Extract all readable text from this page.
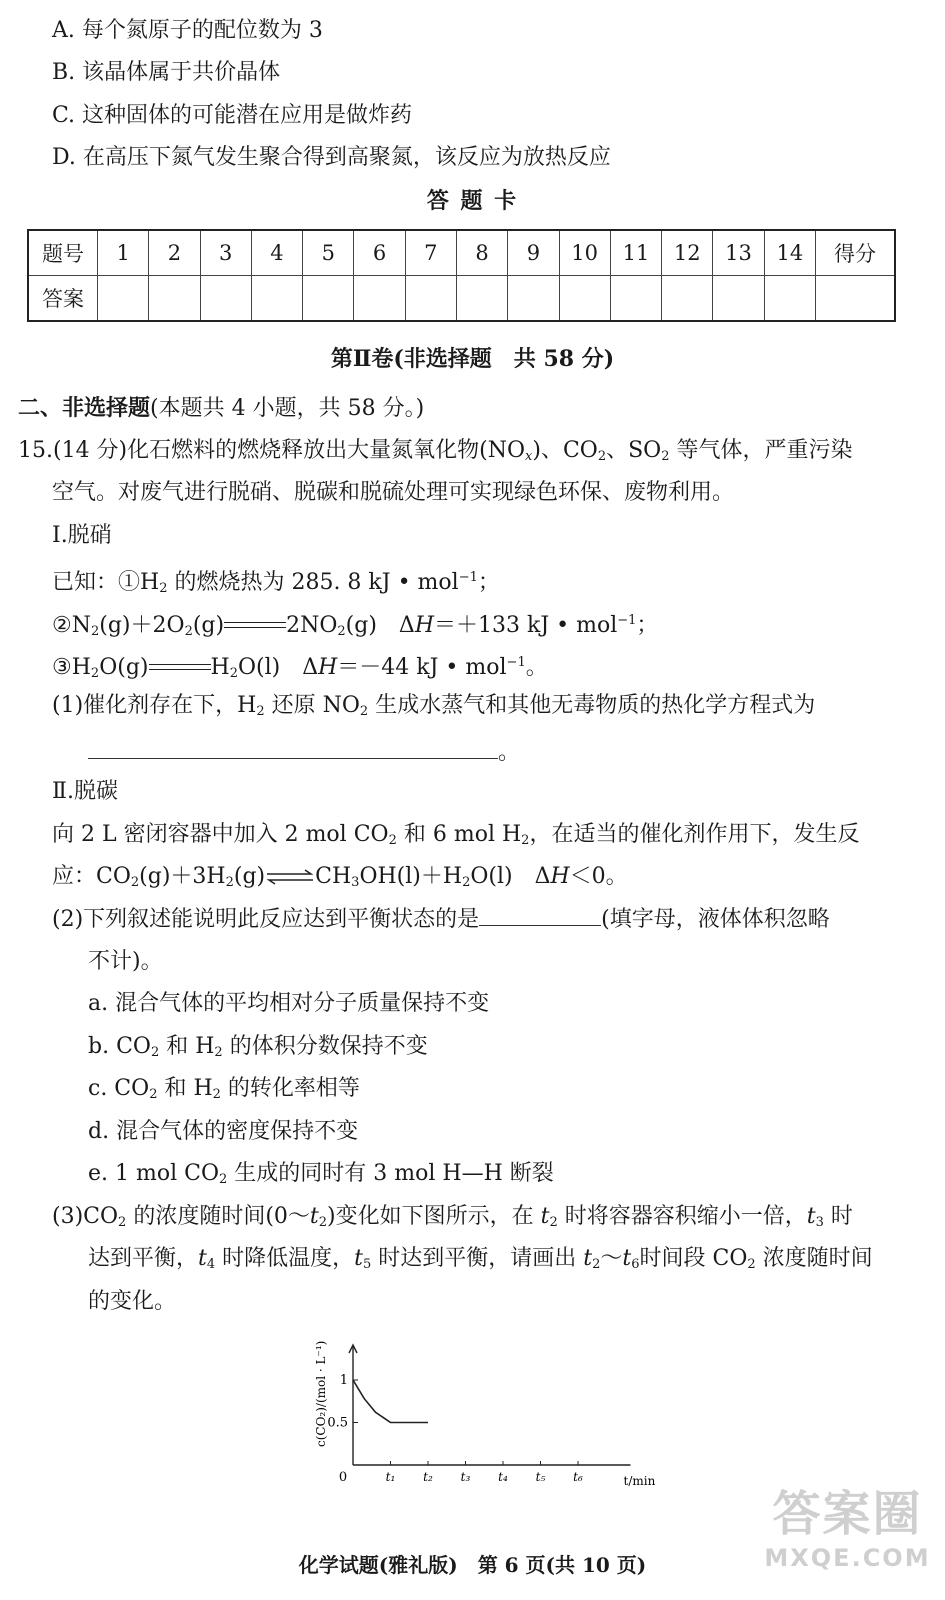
A. 每个氮原子的配位数为 3
B. 该晶体属于共价晶体
C. 这种固体的可能潜在应用是做炸药
D. 在高压下氮气发生聚合得到高聚氮，该反应为放热反应
答 题 卡
题号	1	2	3	4	5	6	7	8	9	10	11	12	13	14	得分
答案															
第Ⅱ卷(非选择题　共 58 分)
二、非选择题(本题共 4 小题，共 58 分。)
15.(14 分)化石燃料的燃烧释放出大量氮氧化物$(NO_x)$、$CO_2$、$SO_2$ 等气体，严重污染
空气。对废气进行脱硝、脱碳和脱硫处理可实现绿色环保、废物利用。
Ⅰ.脱硝
已知：$①H_2$ 的燃烧热为 285. 8 kJ • mol$^{-1}$；
$②N_2(g)+2O_2(g)$	$2NO_2(g)$　ΔH＝＋133 kJ • mol$^{-1}$；
$③H_2O(g)$	$H_2O(l)$　ΔH＝－44 kJ • mol$^{-1}$。
(1)催化剂存在下，$H_2$ 还原 $NO_2$ 生成水蒸气和其他无毒物质的热化学方程式为
。
Ⅱ.脱碳
向 2 L 密闭容器中加入 2 mol $CO_2$ 和 6 mol $H_2$，在适当的催化剂作用下，发生反
应：$CO_2(g)+3H_2(g)\rightleftharpoons CH_3OH(l)+H_2O(l)$　ΔH＜0。
(2)下列叙述能说明此反应达到平衡状态的是	(填字母，液体体积忽略
不计)。
a. 混合气体的平均相对分子质量保持不变
b. $CO_2$ 和 $H_2$ 的体积分数保持不变
c. $CO_2$ 和 $H_2$ 的转化率相等
d. 混合气体的密度保持不变
e. 1 mol $CO_2$ 生成的同时有 3 mol H—H 断裂
$(3)CO_2$ 的浓度随时间$(0\sim t_2)$变化如下图所示，在 $t_2$ 时将容器容积缩小一倍，$t_3$ 时
达到平衡，$t_4$ 时降低温度，$t_5$ 时达到平衡，请画出 $t_2\sim t_6$时间段 $CO_2$ 浓度随时间
的变化。
c(CO₂)/(mol · L⁻¹)
0
1
0.5
t₁ t₂ t₃ t₄ t₅ t₆	t/min
化学试题(雅礼版)　第 6 页(共 10 页)
答案圈
MXQE.COM
